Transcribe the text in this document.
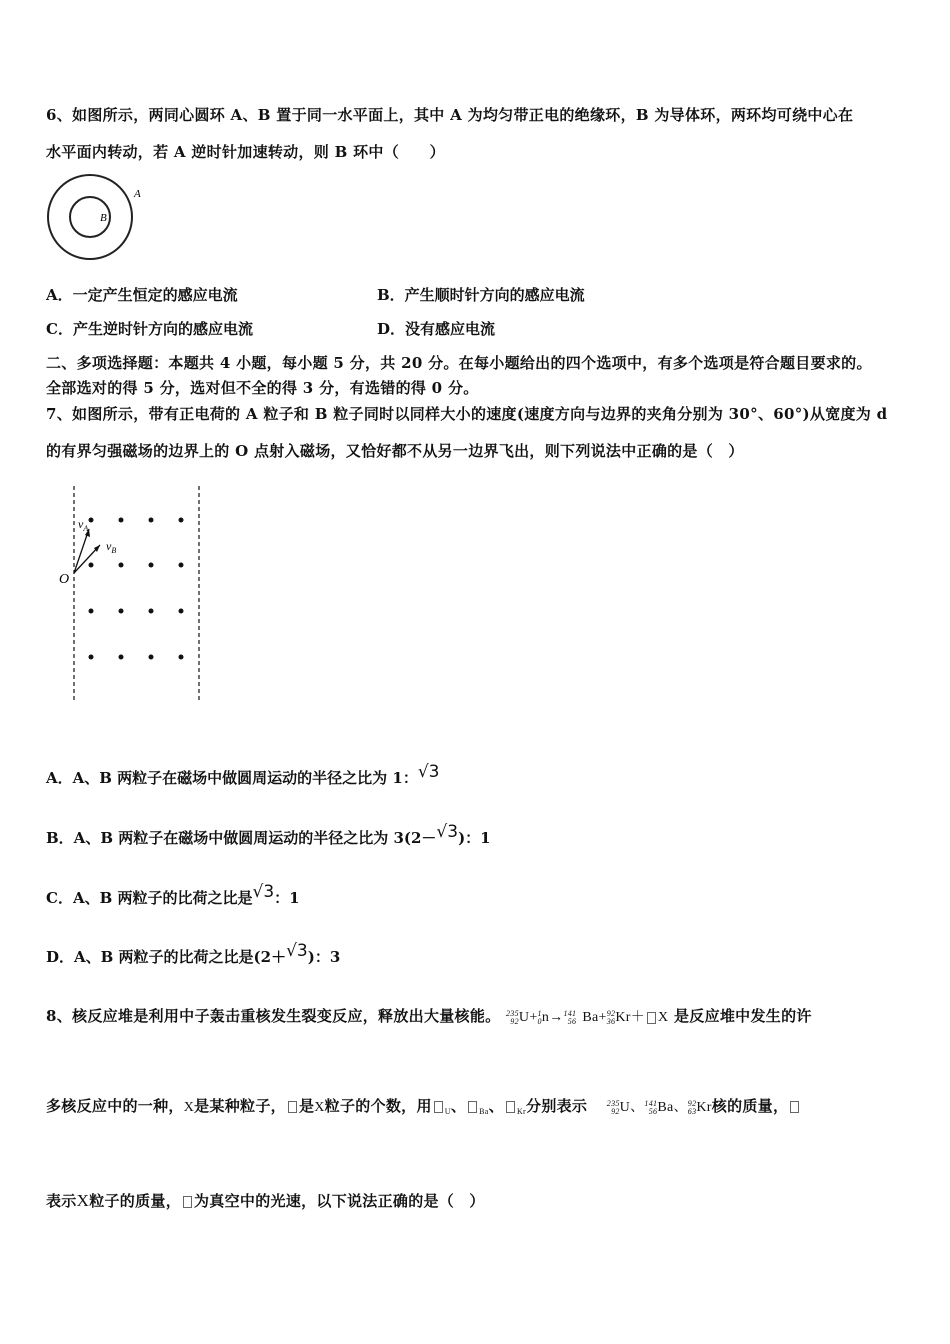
6、如图所示，两同心圆环 A、B 置于同一水平面上，其中 A 为均匀带正电的绝缘环，B 为导体环，两环均可绕中心在
水平面内转动，若 A 逆时针加速转动，则 B 环中（　　）
A
B
A．一定产生恒定的感应电流	B．产生顺时针方向的感应电流
C．产生逆时针方向的感应电流	D．没有感应电流
二、多项选择题：本题共 4 小题，每小题 5 分，共 20 分。在每小题给出的四个选项中，有多个选项是符合题目要求的。
全部选对的得 5 分，选对但不全的得 3 分，有选错的得 0 分。
7、如图所示，带有正电荷的 A 粒子和 B 粒子同时以同样大小的速度(速度方向与边界的夹角分别为 30°、60°)从宽度为 d
的有界匀强磁场的边界上的 O 点射入磁场，又恰好都不从另一边界飞出，则下列说法中正确的是（　）
O
$v_A$
$v_B$
A．A、B 两粒子在磁场中做圆周运动的半径之比为 1：√3
B．A、B 两粒子在磁场中做圆周运动的半径之比为 3(2－√3)：1
C．A、B 两粒子的比荷之比是√3：1
D．A、B 两粒子的比荷之比是(2＋√3)：3
8、核反应堆是利用中子轰击重核发生裂变反应，释放出大量核能。 235
92 U+ 1
0 n→ 141
56 Ba+ 92
36 Kr＋ X 是反应堆中发生的许
多核反应中的一种，X是某种粒子， 是X粒子的个数，用 $_U$、 $_{Ba}$、 $_{Kr}$分别表示 235
92 U、 141
56 Ba、 92
63 Kr核的质量，
表示X粒子的质量， 为真空中的光速，以下说法正确的是（　）
